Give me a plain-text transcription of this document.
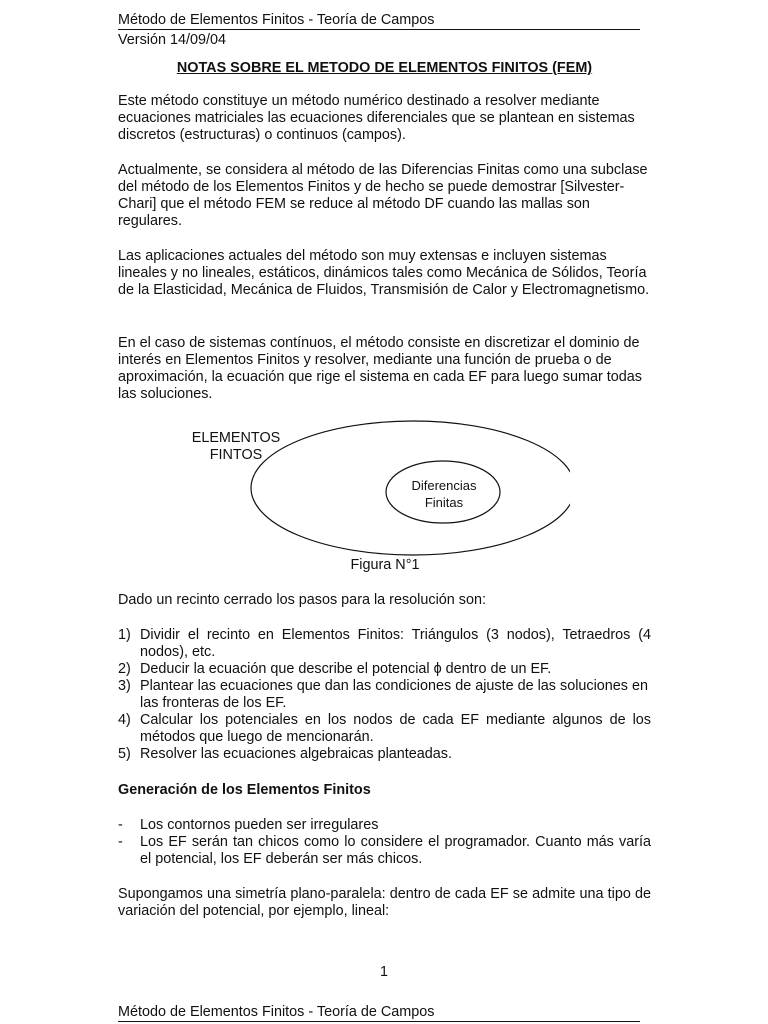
Método de Elementos Finitos - Teoría de Campos
Versión 14/09/04
NOTAS SOBRE EL METODO DE ELEMENTOS FINITOS (FEM)

Este método constituye un método numérico destinado a resolver mediante ecuaciones matriciales las ecuaciones diferenciales que se plantean en sistemas discretos (estructuras) o continuos (campos).

Actualmente, se considera al método de las Diferencias Finitas como una subclase del método de los Elementos Finitos y de hecho se puede demostrar [Silvester-Chari] que el método FEM se reduce al método DF cuando las mallas son regulares.

Las aplicaciones actuales del método son muy extensas e incluyen sistemas lineales y no lineales, estáticos, dinámicos tales como Mecánica de Sólidos, Teoría de la Elasticidad, Mecánica de Fluidos, Transmisión de Calor y Electromagnetismo.

En el caso de sistemas contínuos, el método consiste en discretizar el dominio de interés en Elementos Finitos y resolver, mediante una función de prueba o de aproximación, la ecuación que rige el sistema en cada EF para luego sumar todas las soluciones.

ELEMENTOS
FINTOS
Diferencias
Finitas
Figura N°1

Dado un recinto cerrado los pasos para la resolución son:

1) Dividir el recinto en Elementos Finitos: Triángulos (3 nodos), Tetraedros (4 nodos), etc.
2) Deducir la ecuación que describe el potencial ϕ dentro de un EF.
3) Plantear las ecuaciones que dan las condiciones de ajuste de las soluciones en las fronteras de los EF.
4) Calcular los potenciales en los nodos de cada EF mediante algunos de los métodos que luego de mencionarán.
5) Resolver las ecuaciones algebraicas planteadas.
Generación de los Elementos Finitos
- Los contornos pueden ser irregulares
- Los EF serán tan chicos como lo considere el programador. Cuanto más varía el potencial, los EF deberán ser más chicos.

Supongamos una simetría plano-paralela: dentro de cada EF se admite una tipo de variación del potencial, por ejemplo, lineal:

1
Método de Elementos Finitos - Teoría de Campos
